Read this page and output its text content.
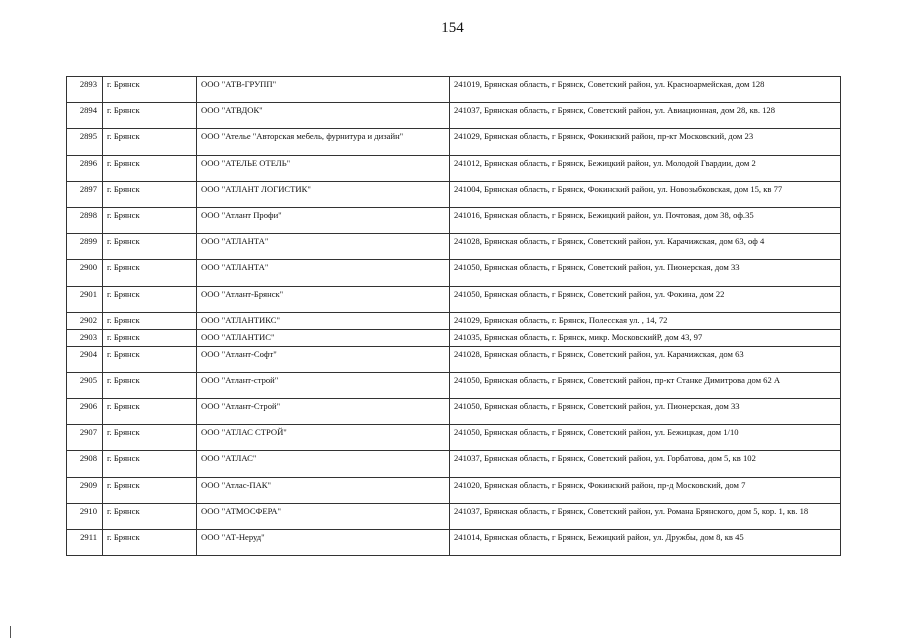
154
2893	г. Брянск	ООО "АТВ-ГРУПП"	241019, Брянская область, г Брянск, Советский район, ул. Красноармейская, дом 128
2894	г. Брянск	ООО "АТВДОК"	241037, Брянская область, г Брянск, Советский район, ул. Авиационная, дом 28, кв. 128
2895	г. Брянск	ООО "Ателье "Авторская мебель, фурнитура и дизайн"	241029, Брянская область, г Брянск, Фокинский район, пр-кт Московский, дом 23
2896	г. Брянск	ООО "АТЕЛЬЕ ОТЕЛЬ"	241012, Брянская область, г Брянск, Бежицкий район, ул. Молодой Гвардии, дом 2
2897	г. Брянск	ООО "АТЛАНТ ЛОГИСТИК"	241004, Брянская область, г Брянск, Фокинский район, ул. Новозыбковская, дом 15, кв 77
2898	г. Брянск	ООО "Атлант Профи"	241016, Брянская область, г Брянск, Бежицкий район, ул. Почтовая, дом 38, оф.35
2899	г. Брянск	ООО "АТЛАНТА"	241028, Брянская область, г Брянск, Советский район, ул. Карачижская, дом 63, оф 4
2900	г. Брянск	ООО "АТЛАНТА"	241050, Брянская область, г Брянск, Советский район, ул. Пионерская, дом 33
2901	г. Брянск	ООО "Атлант-Брянск"	241050, Брянская область, г Брянск, Советский район, ул. Фокина, дом 22
2902	г. Брянск	ООО "АТЛАНТИКС"	241029, Брянская область, г. Брянск, Полесская ул. , 14, 72
2903	г. Брянск	ООО "АТЛАНТИС"	241035, Брянская область, г. Брянск, микр. МосковскийР, дом 43, 97
2904	г. Брянск	ООО "Атлант-Софт"	241028, Брянская область, г Брянск, Советский район, ул. Карачижская, дом 63
2905	г. Брянск	ООО "Атлант-строй"	241050, Брянская область, г Брянск, Советский район, пр-кт Станке Димитрова дом 62 А
2906	г. Брянск	ООО "Атлант-Строй"	241050, Брянская область, г Брянск, Советский район, ул. Пионерская, дом 33
2907	г. Брянск	ООО "АТЛАС СТРОЙ"	241050, Брянская область, г Брянск, Советский район, ул. Бежицкая, дом 1/10
2908	г. Брянск	ООО "АТЛАС"	241037, Брянская область, г Брянск, Советский район, ул. Горбатова, дом 5, кв 102
2909	г. Брянск	ООО "Атлас-ПАК"	241020, Брянская область, г Брянск, Фокинский район, пр-д Московский, дом 7
2910	г. Брянск	ООО "АТМОСФЕРА"	241037, Брянская область, г Брянск, Советский район, ул. Романа Брянского, дом 5, кор. 1, кв. 18
2911	г. Брянск	ООО "АТ-Неруд"	241014, Брянская область, г Брянск, Бежицкий район, ул. Дружбы, дом 8, кв 45
